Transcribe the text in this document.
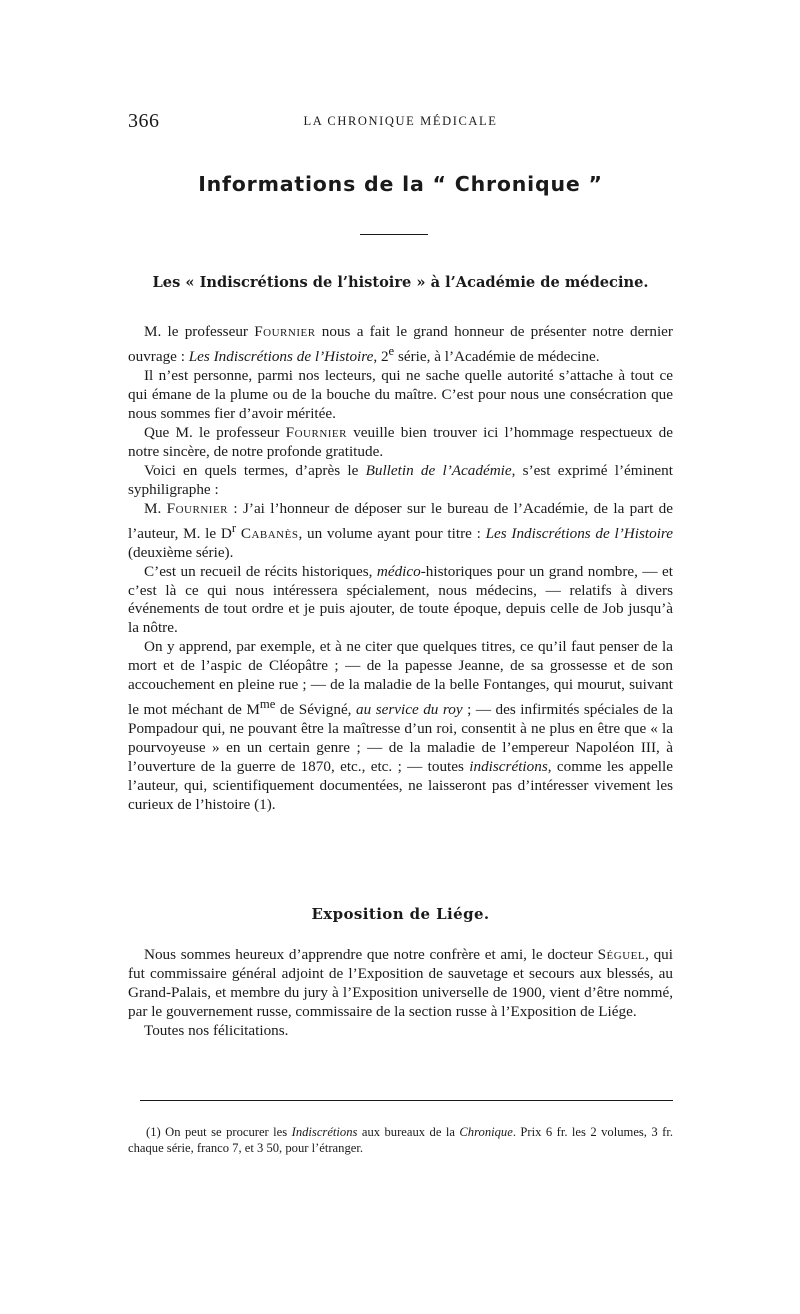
366	LA CHRONIQUE MÉDICALE
Informations de la “ Chronique ”
Les « Indiscrétions de l’histoire » à l’Académie de médecine.

M. le professeur Fournier nous a fait le grand honneur de présenter notre dernier ouvrage : Les Indiscrétions de l’Histoire, 2e série, à l’Académie de médecine.

Il n’est personne, parmi nos lecteurs, qui ne sache quelle autorité s’attache à tout ce qui émane de la plume ou de la bouche du maître. C’est pour nous une consécration que nous sommes fier d’avoir méritée.

Que M. le professeur Fournier veuille bien trouver ici l’hommage respectueux de notre sincère, de notre profonde gratitude.

Voici en quels termes, d’après le Bulletin de l’Académie, s’est exprimé l’éminent syphiligraphe :

M. Fournier : J’ai l’honneur de déposer sur le bureau de l’Académie, de la part de l’auteur, M. le $D^r$ Cabanès, un volume ayant pour titre : Les Indiscrétions de l’Histoire (deuxième série).

C’est un recueil de récits historiques, médico-historiques pour un grand nombre, — et c’est là ce qui nous intéressera spécialement, nous médecins, — relatifs à divers événements de tout ordre et je puis ajouter, de toute époque, depuis celle de Job jusqu’à la nôtre.

On y apprend, par exemple, et à ne citer que quelques titres, ce qu’il faut penser de la mort et de l’aspic de Cléopâtre ; — de la papesse Jeanne, de sa grossesse et de son accouchement en pleine rue ; — de la maladie de la belle Fontanges, qui mourut, suivant le mot méchant de $M^{me}$ de Sévigné, au service du roy ; — des infirmités spéciales de la Pompadour qui, ne pouvant être la maîtresse d’un roi, consentit à ne plus en être que « la pourvoyeuse » en un certain genre ; — de la maladie de l’empereur Napoléon III, à l’ouverture de la guerre de 1870, etc., etc. ; — toutes indiscrétions, comme les appelle l’auteur, qui, scientifiquement documentées, ne laisseront pas d’intéresser vivement les curieux de l’histoire (1).

Exposition de Liége.

Nous sommes heureux d’apprendre que notre confrère et ami, le docteur Séguel, qui fut commissaire général adjoint de l’Exposition de sauvetage et secours aux blessés, au Grand-Palais, et membre du jury à l’Exposition universelle de 1900, vient d’être nommé, par le gouvernement russe, commissaire de la section russe à l’Exposition de Liége.

Toutes nos félicitations.

(1) On peut se procurer les Indiscrétions aux bureaux de la Chronique. Prix 6 fr. les 2 volumes, 3 fr. chaque série, franco 7, et 3 50, pour l’étranger.
